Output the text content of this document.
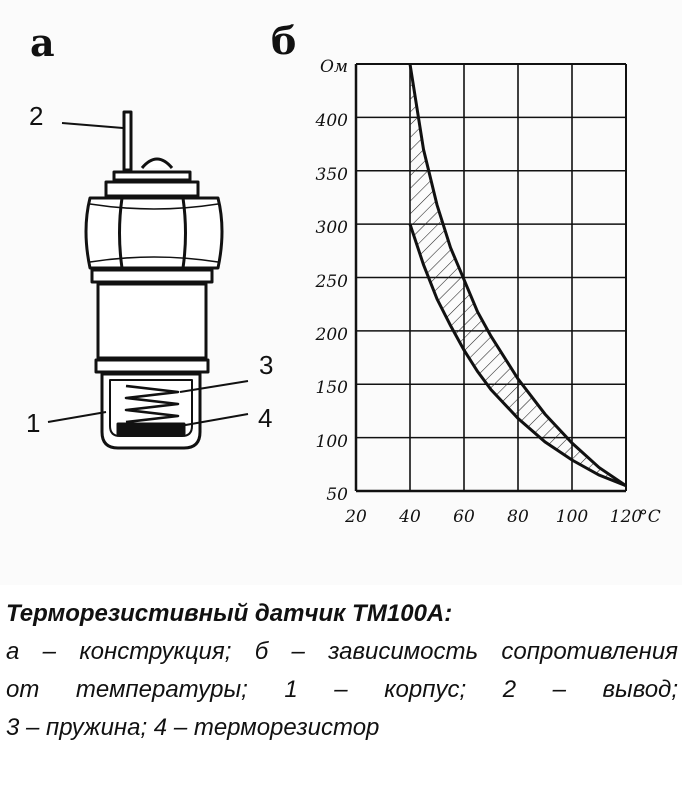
а	б
1
2
3
4
400
350
300
250
200
150
100
50
Ом
20 40 60 80 100 120
°С
Терморезистивный датчик ТМ100А:
а – конструкция; б – зависимость сопротивления
от температуры; 1 – корпус; 2 – вывод;
3 – пружина; 4 – терморезистор
